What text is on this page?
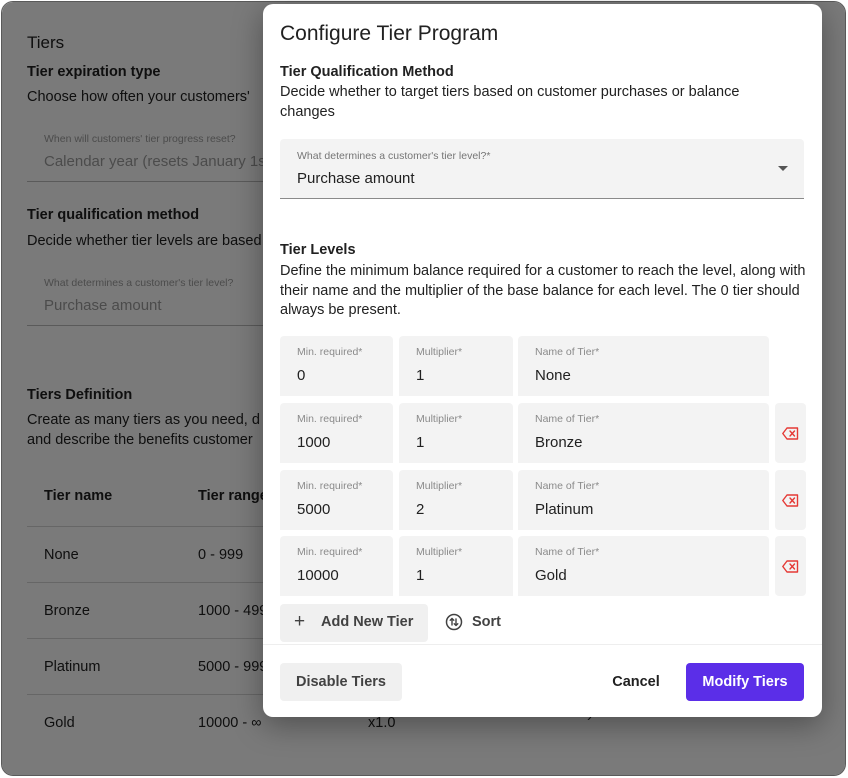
Configure Tier Program
Tier Qualification Method
Decide whether to target tiers based on customer purchases or balance changes
What determines a customer's tier level?*
Purchase amount
Tier Levels
Define the minimum balance required for a customer to reach the level, along with their name and the multiplier of the base balance for each level. The 0 tier should always be present.
Min. required*
0
Multiplier*
1
Name of Tier*
None
Min. required*
1000
Multiplier*
1
Name of Tier*
Bronze
Min. required*
5000
Multiplier*
2
Name of Tier*
Platinum
Min. required*
10000
Multiplier*
1
Name of Tier*
Gold
+ Add New Tier	Sort
Disable Tiers	Cancel	Modify Tiers
